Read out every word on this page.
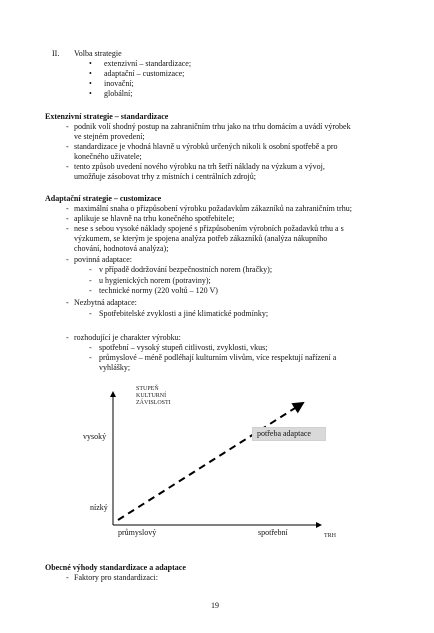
II. Volba strategie
• extenzivní – standardizace;
• adaptační – customizace;
• inovační;
• globální;
Extenzivní strategie – standardizace
- podnik volí shodný postup na zahraničním trhu jako na trhu domácím a uvádí výrobek
ve stejném provedení;
- standardizace je vhodná hlavně u výrobků určených nikoli k osobní spotřebě a pro
konečného uživatele;
- tento způsob uvedení nového výrobku na trh šetří náklady na výzkum a vývoj,
umožňuje zásobovat trhy z místních i centrálních zdrojů;
Adaptační strategie – customizace
- maximální snaha o přizpůsobení výrobku požadavkům zákazníků na zahraničním trhu;
- aplikuje se hlavně na trhu konečného spotřebitele;
- nese s sebou vysoké náklady spojené s přizpůsobením výrobních požadavků trhu a s
výzkumem, se kterým je spojena analýza potřeb zákazníků (analýza nákupního
chování, hodnotová analýza);
- povinná adaptace:
- v případě dodržování bezpečnostních norem (hračky);
- u hygienických norem (potraviny);
- technické normy (220 voltů – 120 V)
- Nezbytná adaptace:
- Spotřebitelské zvyklosti a jiné klimatické podmínky;
- rozhodující je charakter výrobku:
- spotřební – vysoký stupeň citlivosti, zvyklosti, vkus;
- průmyslové – méně podléhají kulturním vlivům, více respektují nařízení a
vyhlášky;
STUPEŇ
KULTURNÍ
ZÁVISLOSTI
vysoký
nízký
potřeba adaptace
průmyslový	spotřební	TRH
Obecné výhody standardizace a adaptace
- Faktory pro standardizaci:
19
